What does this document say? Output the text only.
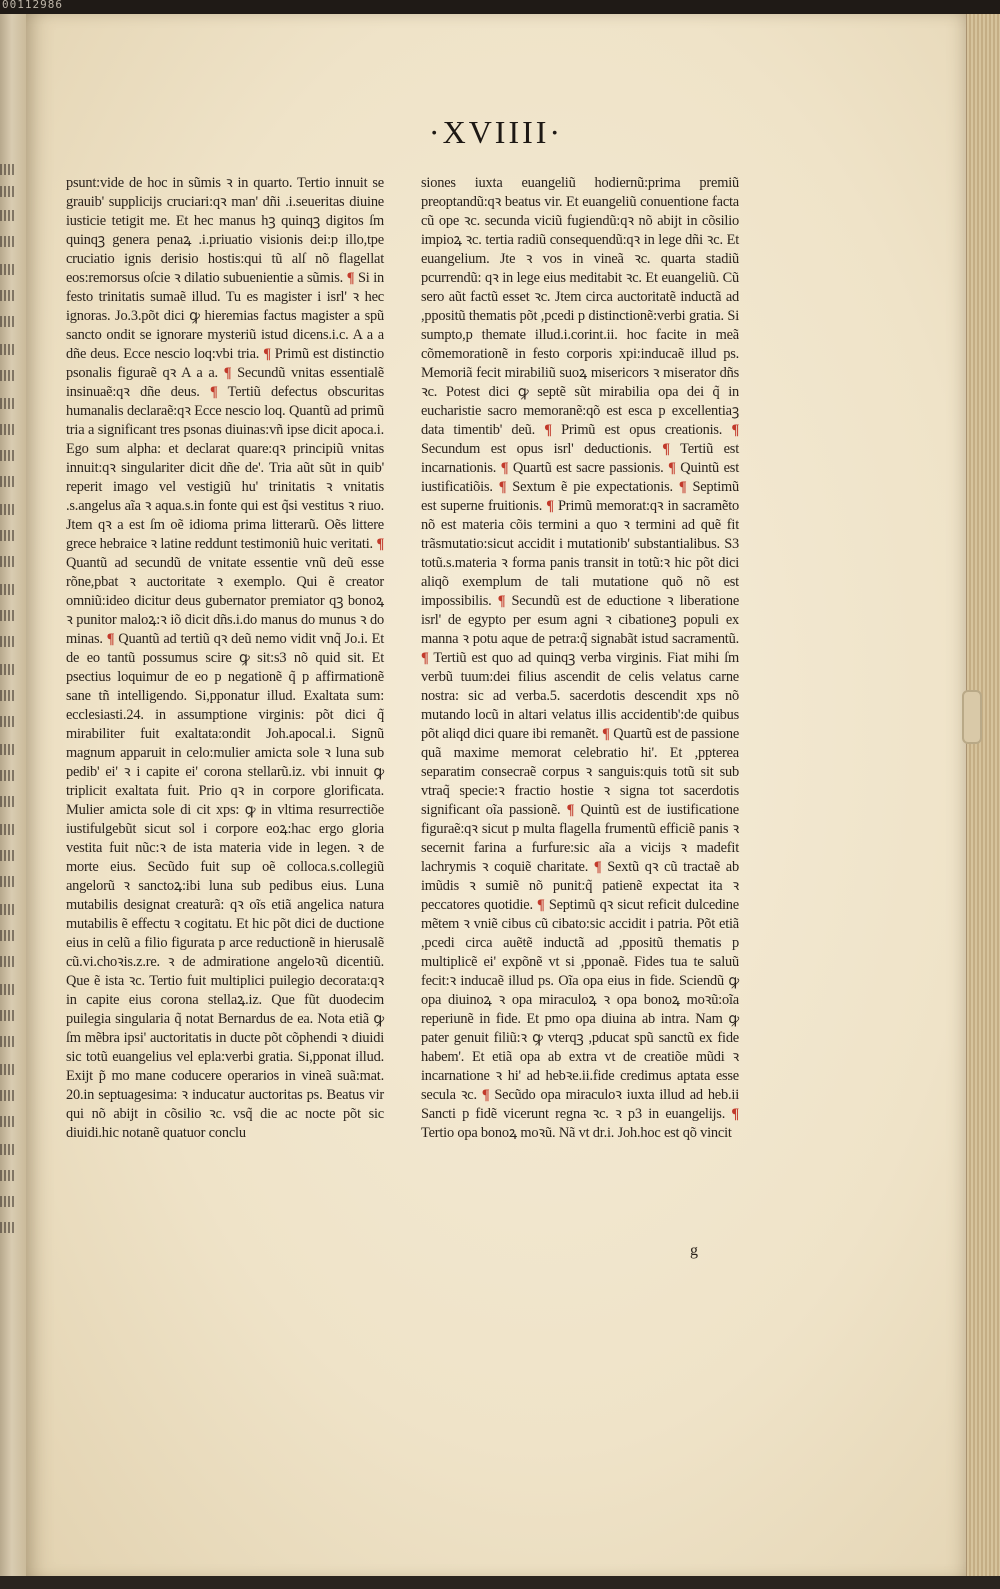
00112986
·XVIIII·

psunt:vide de hoc in sũmis ꝛ in quarto. Tertio innuit se grauib' supplicijs cruciari:qꝛ man' dñi .i.seueritas diuine iusticie tetigit me. Et hec manus hꝫ quinqꝫ digitos ſm quinqꝫ genera penaꝝ .i.priuatio visionis dei:p illo,tpe cruciatio ignis derisio hostis:qui tũ alſ nõ flagellat eos:remorsus oſcie ꝛ dilatio subuenientie a sũmis. ¶ Si in festo trinitatis sumaẽ illud. Tu es magister i isrl' ꝛ hec ignoras. Jo.3.põt dici ꝙ hieremias factus magister a spũ sancto ondit se ignorare mysteriũ istud dicens.i.c. A a a dñe deus. Ecce nescio loq:vbi tria. ¶ Primũ est distinctio psonalis figuraẽ qꝛ A a a. ¶ Secundũ vnitas essentialẽ insinuaẽ:qꝛ dñe deus. ¶ Tertiũ defectus obscuritas humanalis declaraẽ:qꝛ Ecce nescio loq. Quantũ ad primũ tria a significant tres psonas diuinas:vñ ipse dicit apoca.i. Ego sum alpha: et declarat quare:qꝛ principiũ vnitas innuit:qꝛ singulariter dicit dñe de'. Tria aũt sũt in quib' reperit imago vel vestigiũ hu' trinitatis ꝛ vnitatis .s.angelus aĩa ꝛ aqua.s.in fonte qui est q̃si vestitus ꝛ riuo. Jtem qꝛ a est ſm oẽ idioma prima litterarũ. Oẽs littere grece hebraice ꝛ latine reddunt testimoniũ huic veritati. ¶ Quantũ ad secundũ de vnitate essentie vnũ deũ esse rõne,pbat ꝛ auctoritate ꝛ exemplo. Qui ẽ creator omniũ:ideo dicitur deus gubernator premiator qꝫ bonoꝝ ꝛ punitor maloꝝ:ꝛ iõ dicit dñs.i.do manus do munus ꝛ do minas. ¶ Quantũ ad tertiũ qꝛ deũ nemo vidit vnq̃ Jo.i. Et de eo tantũ possumus scire ꝙ sit:s3 nõ quid sit. Et psectius loquimur de eo p negationẽ q̃ p affirmationẽ sane tñ intelligendo. Si,pponatur illud. Exaltata sum: ecclesiasti.24. in assumptione virginis: põt dici q̃ mirabiliter fuit exaltata:ondit Joh.apocal.i. Signũ magnum apparuit in celo:mulier amicta sole ꝛ luna sub pedib' ei' ꝛ i capite ei' corona stellarũ.iz. vbi innuit ꝙ triplicit exaltata fuit. Prio qꝛ in corpore glorificata. Mulier amicta sole di cit xps: ꝙ in vltima resurrectiõe iustifulgebũt sicut sol i corpore eoꝝ:hac ergo gloria vestita fuit nũc:ꝛ de ista materia vide in legen. ꝛ de morte eius. Secũdo fuit sup oẽ colloca.s.collegiũ angelorũ ꝛ sanctoꝝ:ibi luna sub pedibus eius. Luna mutabilis designat creaturã: qꝛ oĩs etiã angelica natura mutabilis ẽ effectu ꝛ cogitatu. Et hic põt dici de ductione eius in celũ a filio figurata p arce reductionẽ in hierusalẽ cũ.vi.choꝛis.z.re. ꝛ de admiratione angeloꝛũ dicentiũ. Que ẽ ista ꝛc. Tertio fuit multiplici puilegio decorata:qꝛ in capite eius corona stellaꝝ.iz. Que fũt duodecim puilegia singularia q̃ notat Bernardus de ea. Nota etiã ꝙ ſm mẽbra ipsi' auctoritatis in ducte põt cõphendi ꝛ diuidi sic totũ euangelius vel epla:verbi gratia. Si,pponat illud. Exijt p̃ mo mane coducere operarios in vineã suã:mat. 20.in septuagesima: ꝛ inducatur auctoritas ps. Beatus vir qui nõ abijt in cõsilio ꝛc. vsq̃ die ac nocte põt sic diuidi.hic notanẽ quatuor conclu

siones iuxta euangeliũ hodiernũ:prima premiũ preoptandũ:qꝛ beatus vir. Et euangeliũ conuentione facta cũ ope ꝛc. secunda viciũ fugiendũ:qꝛ nõ abijt in cõsilio impioꝝ ꝛc. tertia radiũ consequendũ:qꝛ in lege dñi ꝛc. Et euangelium. Jte ꝛ vos in vineã ꝛc. quarta stadiũ pcurrendũ: qꝛ in lege eius meditabit ꝛc. Et euangeliũ. Cũ sero aũt factũ esset ꝛc. Jtem circa auctoritatẽ inductã ad ,ppositũ thematis põt ,pcedi p distinctionẽ:verbi gratia. Si sumpto,p themate illud.i.corint.ii. hoc facite in meã cõmemorationẽ in festo corporis xpi:inducaẽ illud ps. Memoriã fecit mirabiliũ suoꝝ misericors ꝛ miserator dñs ꝛc. Potest dici ꝙ septẽ sũt mirabilia opa dei q̃ in eucharistie sacro memoranẽ:qõ est esca p excellentiaꝫ data timentib' deũ. ¶ Primũ est opus creationis. ¶ Secundum est opus isrl' deductionis. ¶ Tertiũ est incarnationis. ¶ Quartũ est sacre passionis. ¶ Quintũ est iustificatiõis. ¶ Sextum ẽ pie expectationis. ¶ Septimũ est superne fruitionis. ¶ Primũ memorat:qꝛ in sacramẽto nõ est materia cõis termini a quo ꝛ termini ad quẽ fit trãsmutatio:sicut accidit i mutationib' substantialibus. S3 totũ.s.materia ꝛ forma panis transit in totũ:ꝛ hic põt dici aliqõ exemplum de tali mutatione quõ nõ est impossibilis. ¶ Secundũ est de eductione ꝛ liberatione isrl' de egypto per esum agni ꝛ cibationeꝫ populi ex manna ꝛ potu aque de petra:q̃ signabãt istud sacramentũ. ¶ Tertiũ est quo ad quinqꝫ verba virginis. Fiat mihi ſm verbũ tuum:dei filius ascendit de celis velatus carne nostra: sic ad verba.5. sacerdotis descendit xps nõ mutando locũ in altari velatus illis accidentib':de quibus põt aliqd dici quare ibi remanẽt. ¶ Quartũ est de passione quã maxime memorat celebratio hi'. Et ,ppterea separatim consecraẽ corpus ꝛ sanguis:quis totũ sit sub vtraq̃ specie:ꝛ fractio hostie ꝛ signa tot sacerdotis significant oĩa passionẽ. ¶ Quintũ est de iustificatione figuraẽ:qꝛ sicut p multa flagella frumentũ efficiẽ panis ꝛ secernit farina a furfure:sic aĩa a vicijs ꝛ madefit lachrymis ꝛ coquiẽ charitate. ¶ Sextũ qꝛ cũ tractaẽ ab imũdis ꝛ sumiẽ nõ punit:q̃ patienẽ expectat ita ꝛ peccatores quotidie. ¶ Septimũ qꝛ sicut reficit dulcedine mẽtem ꝛ vniẽ cibus cũ cibato:sic accidit i patria. Põt etiã ,pcedi circa auẽtẽ inductã ad ,ppositũ thematis p multiplicẽ ei' expõnẽ vt si ,pponaẽ. Fides tua te saluũ fecit:ꝛ inducaẽ illud ps. Oĩa opa eius in fide. Sciendũ ꝙ opa diuinoꝝ ꝛ opa miraculoꝝ ꝛ opa bonoꝝ moꝛũ:oĩa reperiunẽ in fide. Et pmo opa diuina ab intra. Nam ꝙ pater genuit filiũ:ꝛ ꝙ vterqꝫ ,pducat spũ sanctũ ex fide habem'. Et etiã opa ab extra vt de creatiõe mũdi ꝛ incarnatione ꝛ hi' ad hebꝛe.ii.fide credimus aptata esse secula ꝛc. ¶ Secũdo opa miraculoꝛ iuxta illud ad heb.ii Sancti p fidẽ vicerunt regna ꝛc. ꝛ p3 in euangelijs. ¶ Tertio opa bonoꝝ moꝛũ. Nã vt dr.i. Joh.hoc est qõ vincit

g
